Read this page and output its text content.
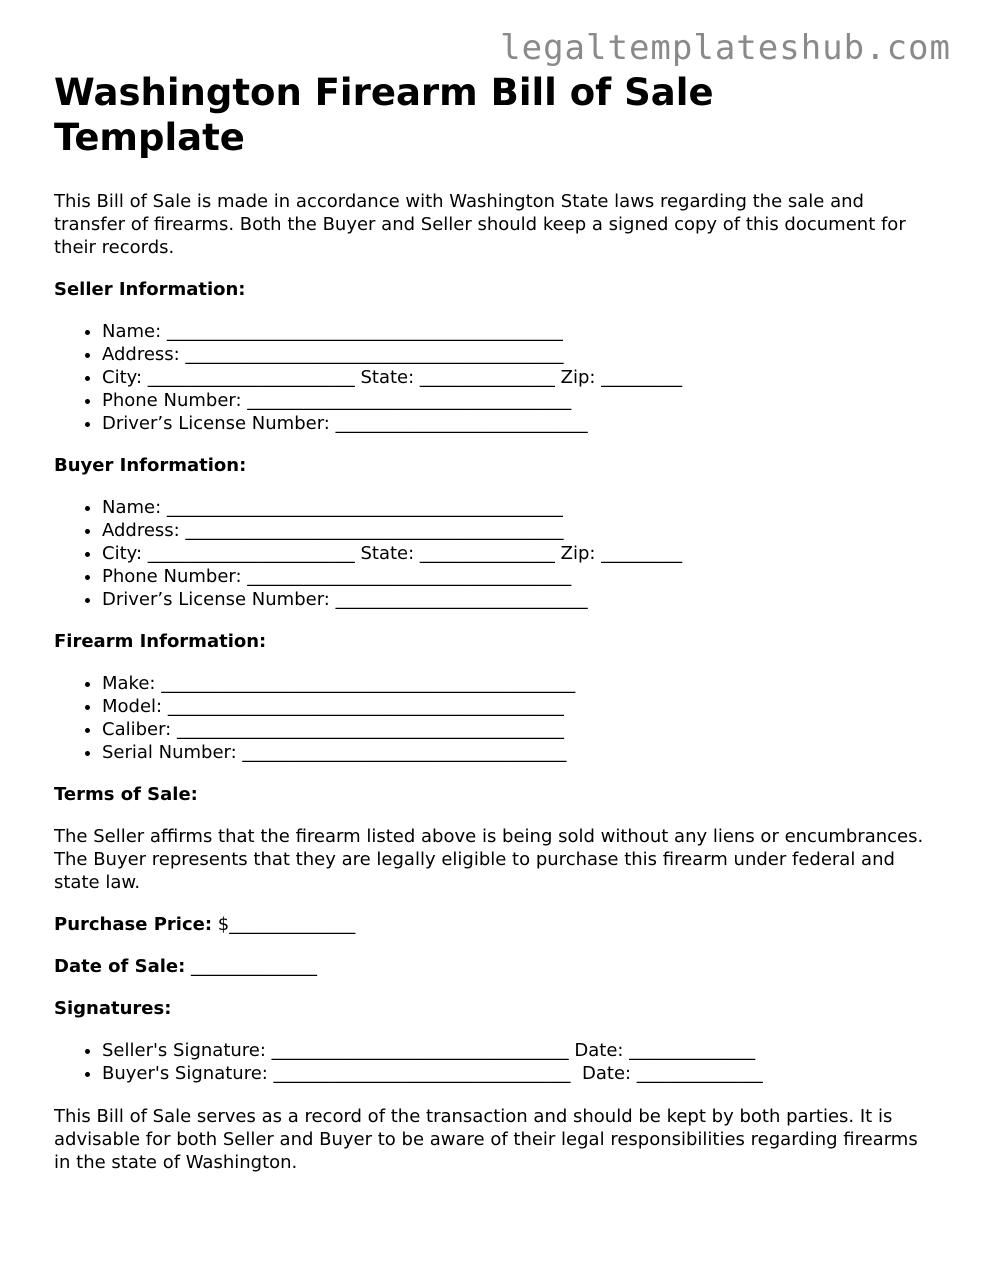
legaltemplateshub.com
Washington Firearm Bill of Sale Template

This Bill of Sale is made in accordance with Washington State laws regarding the sale and transfer of firearms. Both the Buyer and Seller should keep a signed copy of this document for their records.

Seller Information:
• Name: ____________________________________________
• Address: __________________________________________
• City: _______________________ State: _______________ Zip: _________
• Phone Number: ____________________________________
• Driver’s License Number: ____________________________
Buyer Information:
• Name: ____________________________________________
• Address: __________________________________________
• City: _______________________ State: _______________ Zip: _________
• Phone Number: ____________________________________
• Driver’s License Number: ____________________________
Firearm Information:
• Make: ______________________________________________
• Model: ____________________________________________
• Caliber: ___________________________________________
• Serial Number: ____________________________________
Terms of Sale:

The Seller affirms that the firearm listed above is being sold without any liens or encumbrances. The Buyer represents that they are legally eligible to purchase this firearm under federal and state law.

Purchase Price: $______________

Date of Sale: ______________

Signatures:
• Seller's Signature: _________________________________ Date: ______________
• Buyer's Signature: _________________________________  Date: ______________

This Bill of Sale serves as a record of the transaction and should be kept by both parties. It is advisable for both Seller and Buyer to be aware of their legal responsibilities regarding firearms in the state of Washington.
